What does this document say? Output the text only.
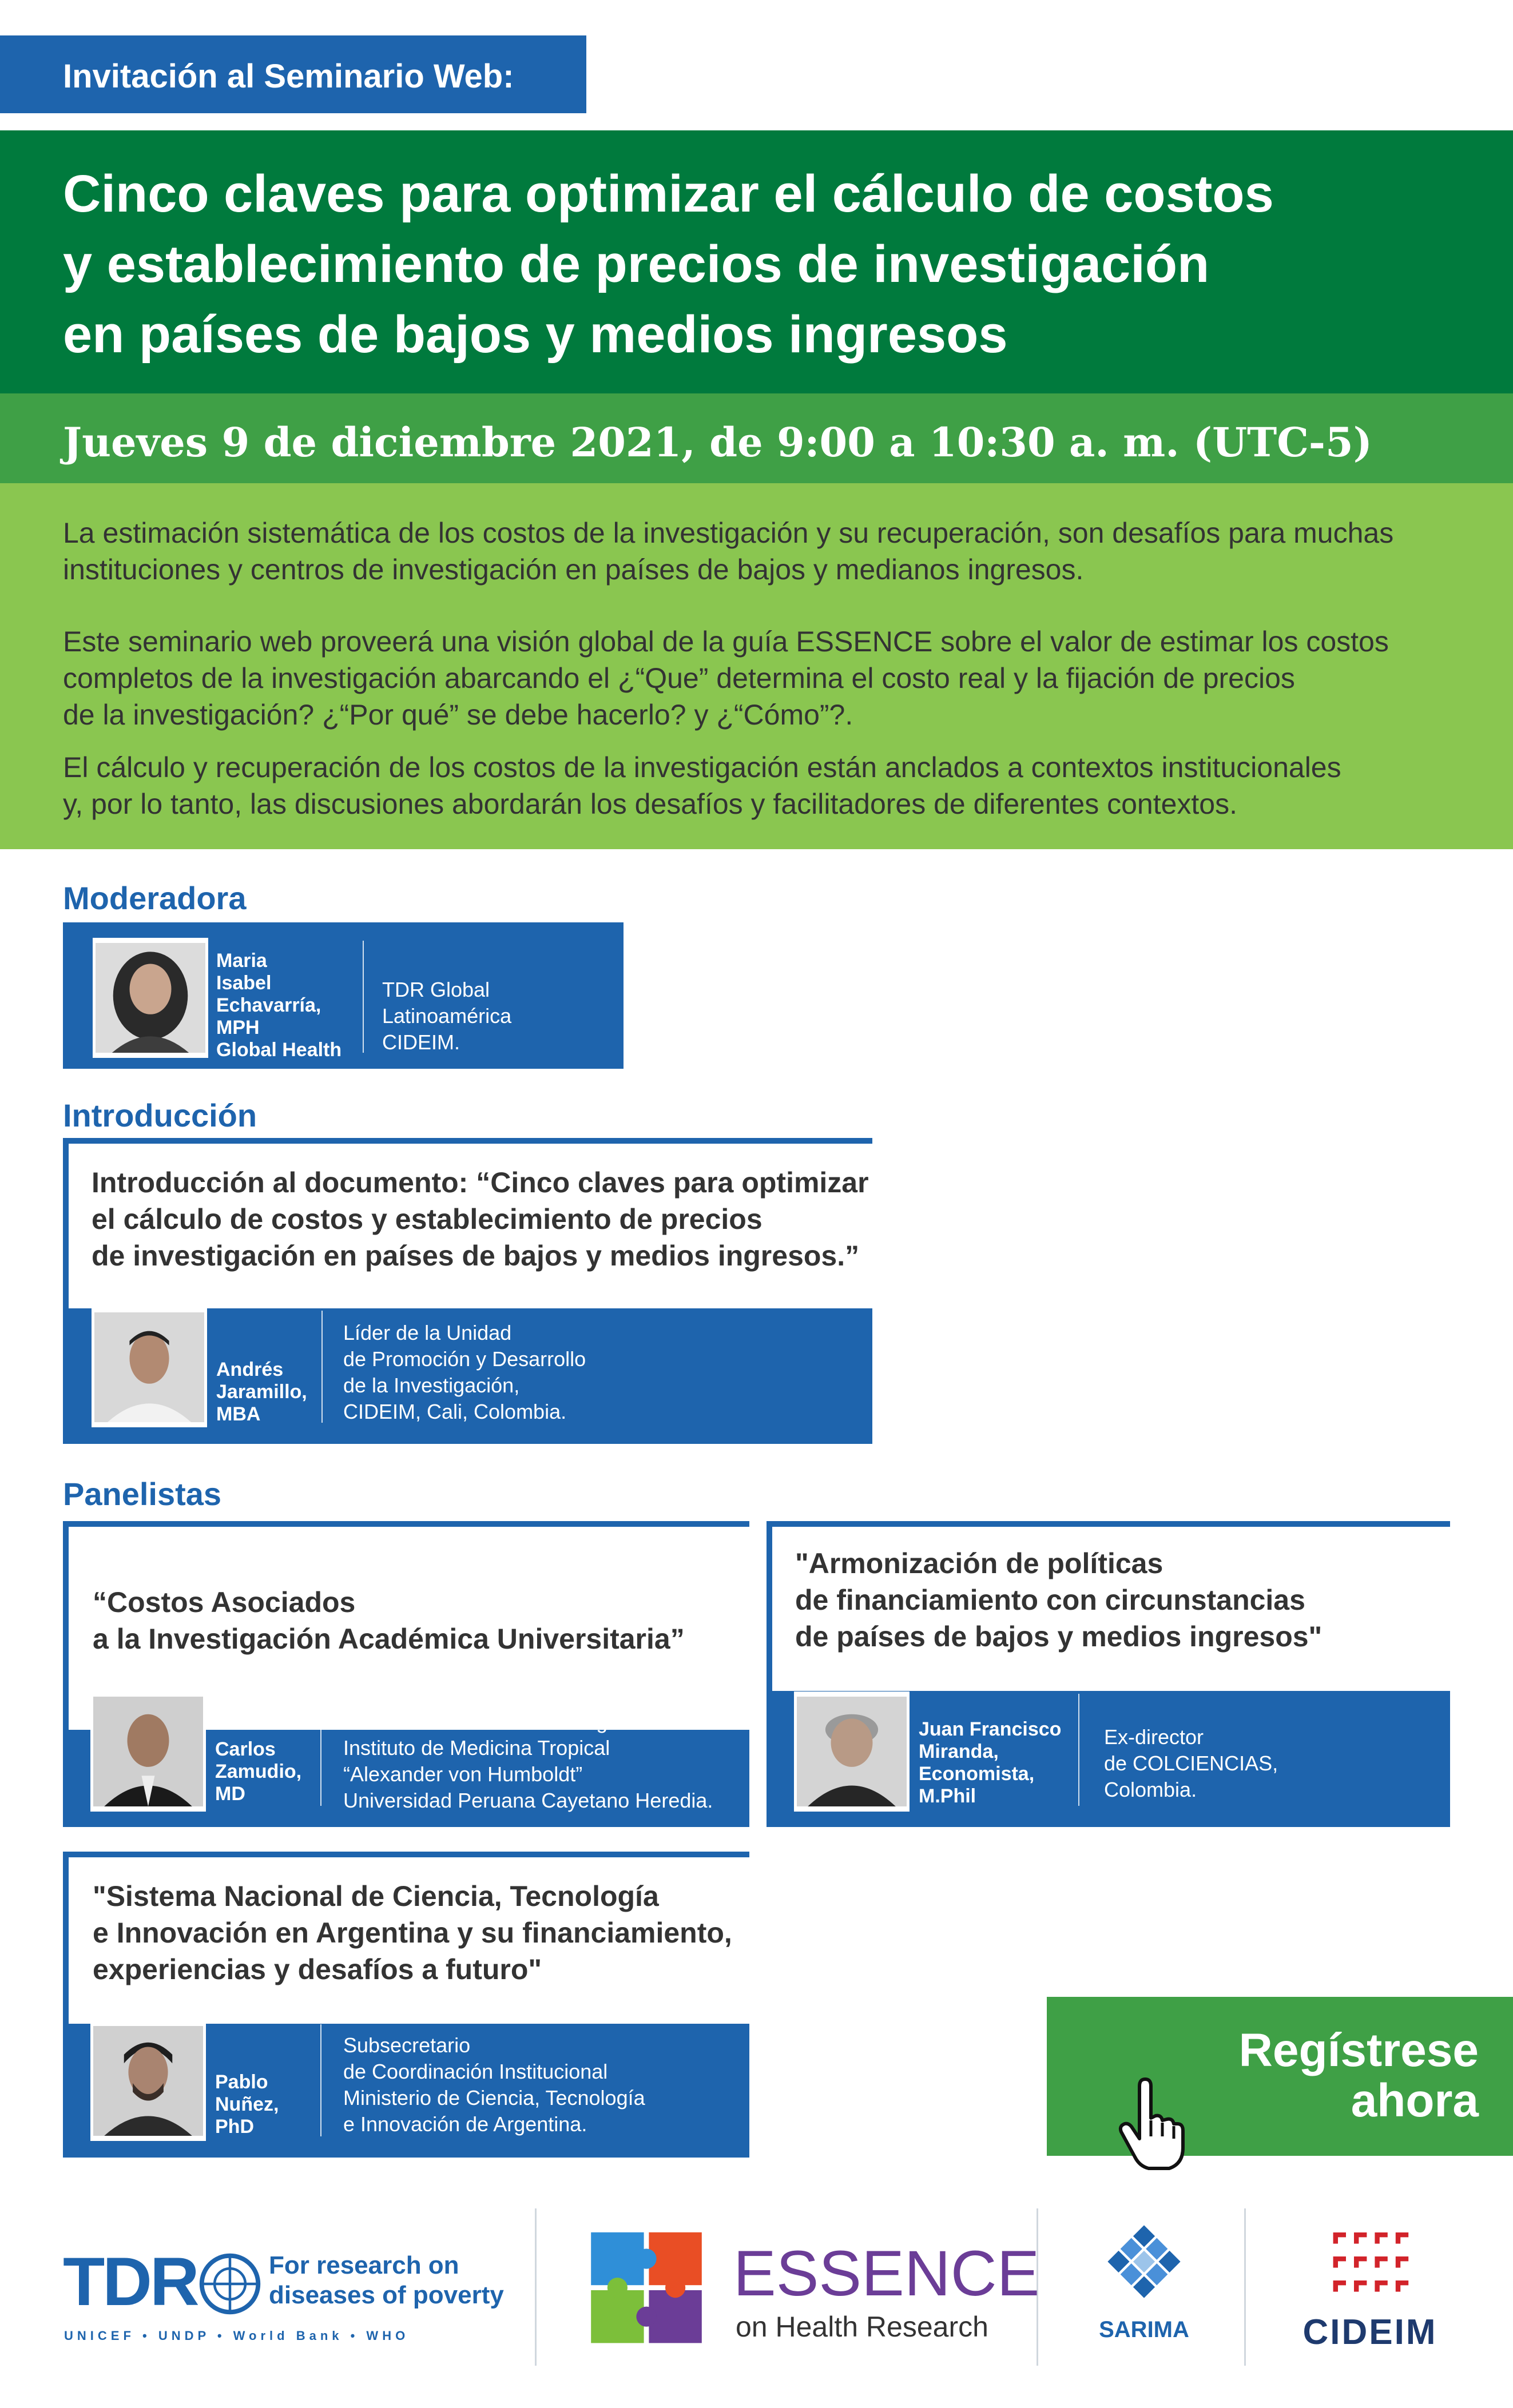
Invitación al Seminario Web:
Cinco claves para optimizar el cálculo de costos
y establecimiento de precios de investigación
en países de bajos y medios ingresos
Jueves 9 de diciembre 2021, de 9:00 a 10:30 a. m. (UTC-5)

La estimación sistemática de los costos de la investigación y su recuperación, son desafíos para muchas
instituciones y centros de investigación en países de bajos y medianos ingresos.

Este seminario web proveerá una visión global de la guía ESSENCE sobre el valor de estimar los costos
completos de la investigación abarcando el ¿“Que” determina el costo real y la fijación de precios
de la investigación? ¿“Por qué” se debe hacerlo? y ¿“Cómo”?.

El cálculo y recuperación de los costos de la investigación están anclados a contextos institucionales
y, por lo tanto, las discusiones abordarán los desafíos y facilitadores de diferentes contextos.

Moderadora
Maria
Isabel
Echavarría,
MPH
Global Health
TDR Global
Latinoamérica
CIDEIM.
Introducción
Introducción al documento: “Cinco claves para optimizar
el cálculo de costos y establecimiento de precios
de investigación en países de bajos y medios ingresos.”
Andrés
Jaramillo,
MBA
Líder de la Unidad
de Promoción y Desarrollo
de la Investigación,
CIDEIM, Cali, Colombia.
Panelistas
“Costos Asociados
a la Investigación Académica Universitaria”
Carlos
Zamudio,
MD
Investigador Asociado
Jefe de la Oficina de Investigación
Instituto de Medicina Tropical
“Alexander von Humboldt”
Universidad Peruana Cayetano Heredia.
"Armonización de políticas
de financiamiento con circunstancias
de países de bajos y medios ingresos"
Juan Francisco
Miranda,
Economista,
M.Phil
Ex-director
de COLCIENCIAS,
Colombia.
"Sistema Nacional de Ciencia, Tecnología
e Innovación en Argentina y su financiamiento,
experiencias y desafíos a futuro"
Pablo
Nuñez,
PhD
Subsecretario
de Coordinación Institucional
Ministerio de Ciencia, Tecnología
e Innovación de Argentina.
Regístrese
ahora
TDR	For research on
diseases of poverty
UNICEF • UNDP • World Bank • WHO
ESSENCE
on Health Research	SARIMA	CIDEIM
